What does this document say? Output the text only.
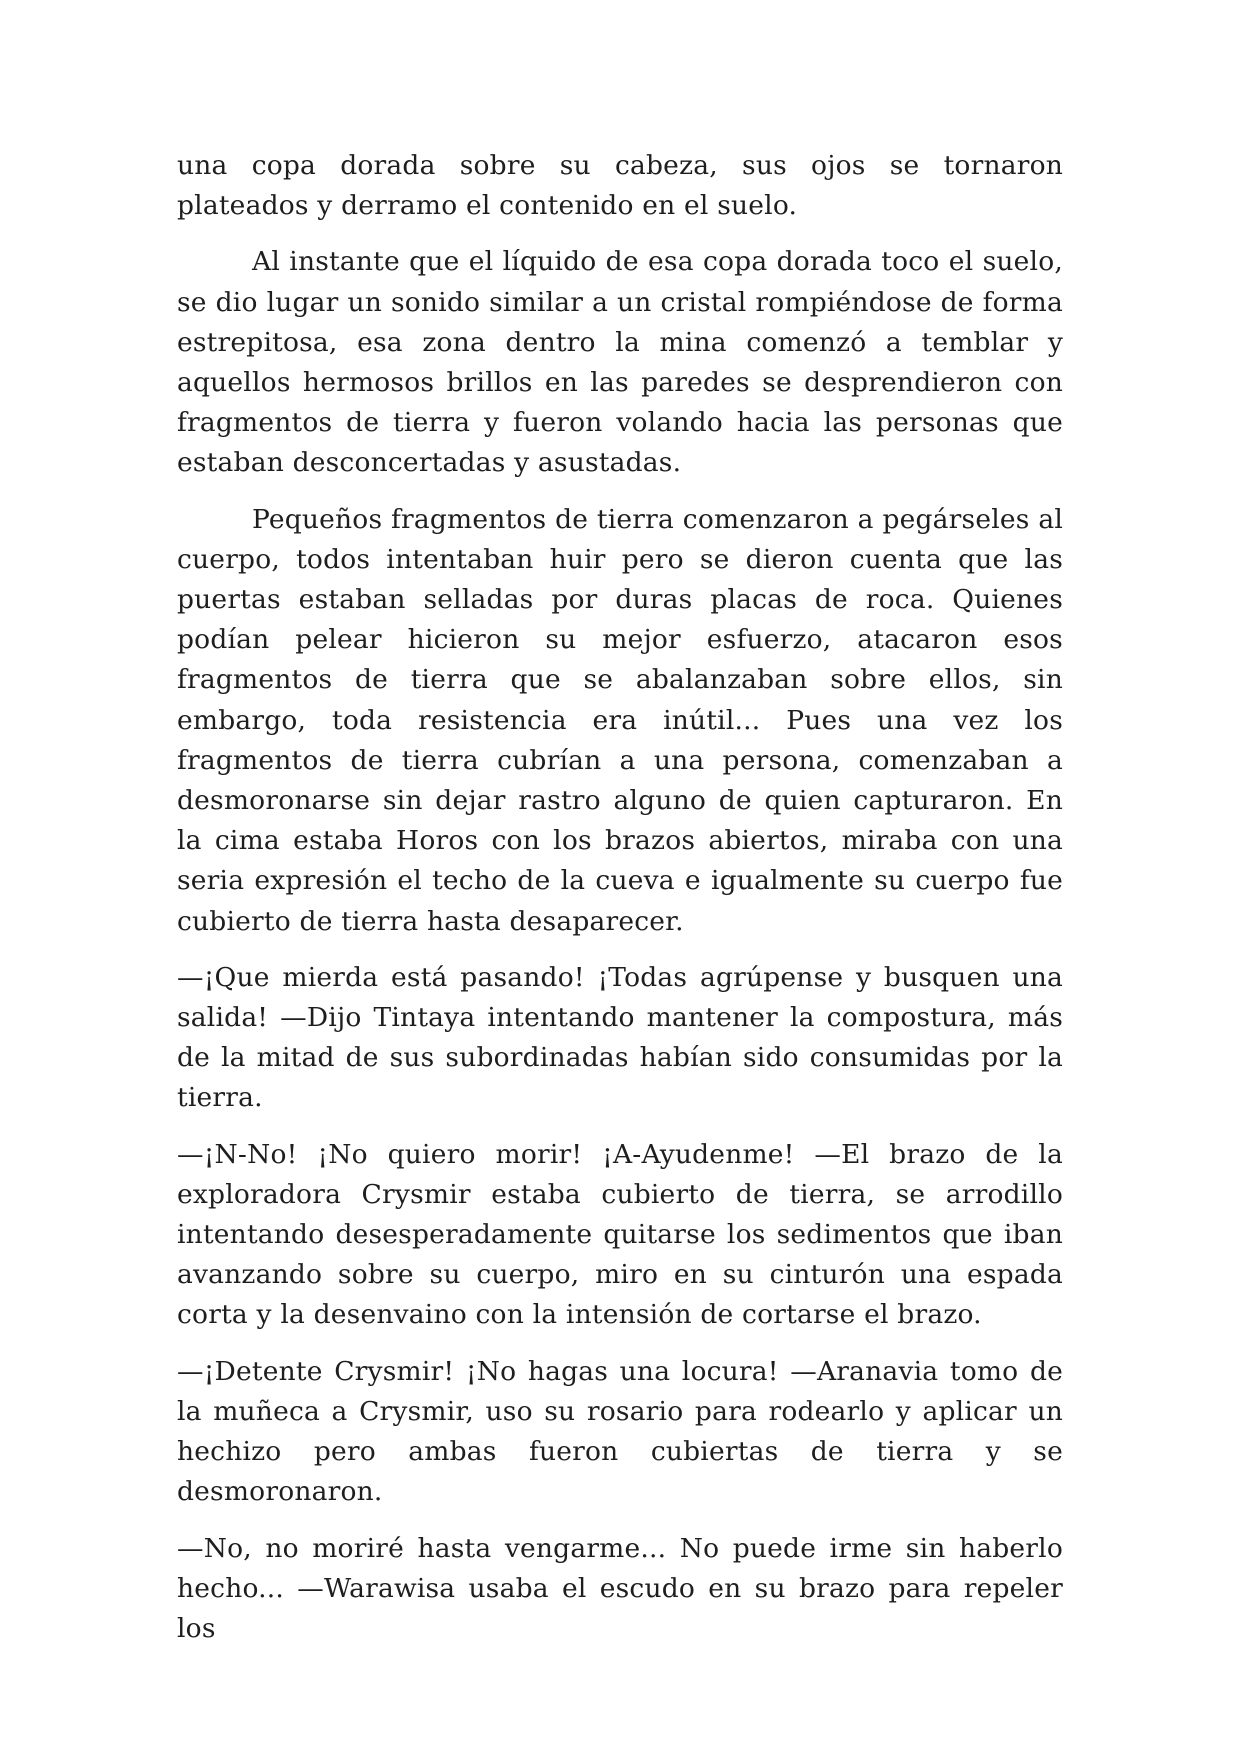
una copa dorada sobre su cabeza, sus ojos se tornaron plateados y derramo el contenido en el suelo.

Al instante que el líquido de esa copa dorada toco el suelo, se dio lugar un sonido similar a un cristal rompiéndose de forma estrepitosa, esa zona dentro la mina comenzó a temblar y aquellos hermosos brillos en las paredes se desprendieron con fragmentos de tierra y fueron volando hacia las personas que estaban desconcertadas y asustadas.

Pequeños fragmentos de tierra comenzaron a pegárseles al cuerpo, todos intentaban huir pero se dieron cuenta que las puertas estaban selladas por duras placas de roca. Quienes podían pelear hicieron su mejor esfuerzo, atacaron esos fragmentos de tierra que se abalanzaban sobre ellos, sin embargo, toda resistencia era inútil... Pues una vez los fragmentos de tierra cubrían a una persona, comenzaban a desmoronarse sin dejar rastro alguno de quien capturaron. En la cima estaba Horos con los brazos abiertos, miraba con una seria expresión el techo de la cueva e igualmente su cuerpo fue cubierto de tierra hasta desaparecer.

—¡Que mierda está pasando! ¡Todas agrúpense y busquen una salida! —Dijo Tintaya intentando mantener la compostura, más de la mitad de sus subordinadas habían sido consumidas por la tierra.

—¡N-No! ¡No quiero morir! ¡A-Ayudenme! —El brazo de la exploradora Crysmir estaba cubierto de tierra, se arrodillo intentando desesperadamente quitarse los sedimentos que iban avanzando sobre su cuerpo, miro en su cinturón una espada corta y la desenvaino con la intensión de cortarse el brazo.

—¡Detente Crysmir! ¡No hagas una locura! —Aranavia tomo de la muñeca a Crysmir, uso su rosario para rodearlo y aplicar un hechizo pero ambas fueron cubiertas de tierra y se desmoronaron.

—No, no moriré hasta vengarme... No puede irme sin haberlo hecho... —Warawisa usaba el escudo en su brazo para repeler los
